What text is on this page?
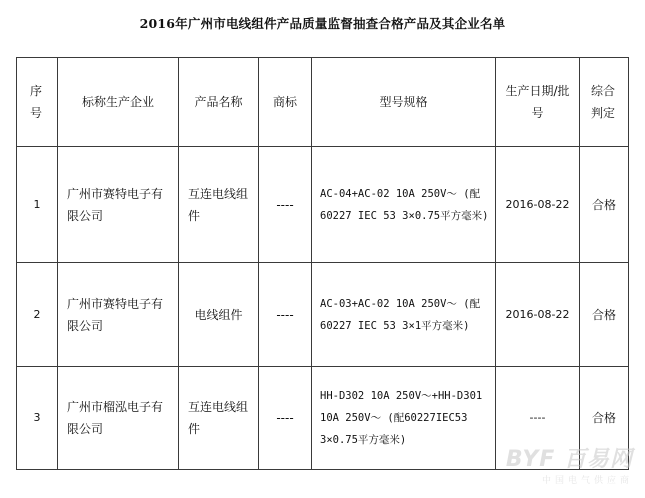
2016年广州市电线组件产品质量监督抽查合格产品及其企业名单
序号	标称生产企业	产品名称	商标	型号规格	生产日期/批号	综合判定
1	广州市赛特电子有限公司	互连电线组件	----	AC-04+AC-02 10A 250V～ (配60227 IEC 53 3×0.75平方毫米)	2016-08-22	合格
2	广州市赛特电子有限公司	电线组件	----	AC-03+AC-02 10A 250V～ (配60227 IEC 53 3×1平方毫米)	2016-08-22	合格
3	广州市榴泓电子有限公司	互连电线组件	----	HH-D302 10A 250V～+HH-D301 10A 250V～ (配60227IEC53 3×0.75平方毫米)	----	合格
BYF 百易网
中国电气供应商
